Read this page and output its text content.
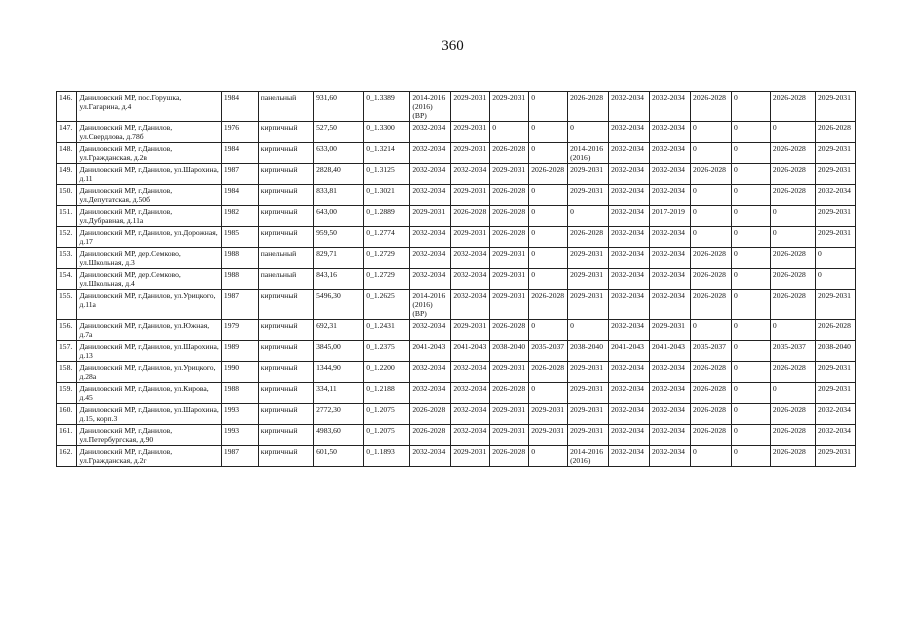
360
146.	Даниловский МР, пос.Горушка, ул.Гагарина, д.4	1984	панельный	931,60	0_1.3389	2014-2016 (2016) (ВР)	2029-2031	2029-2031	0	2026-2028	2032-2034	2032-2034	2026-2028	0	2026-2028	2029-2031
147.	Даниловский МР, г.Данилов, ул.Свердлова, д.78б	1976	кирпичный	527,50	0_1.3300	2032-2034	2029-2031	0	0	0	2032-2034	2032-2034	0	0	0	2026-2028
148.	Даниловский МР, г.Данилов, ул.Гражданская, д.2в	1984	кирпичный	633,00	0_1.3214	2032-2034	2029-2031	2026-2028	0	2014-2016 (2016)	2032-2034	2032-2034	0	0	2026-2028	2029-2031
149.	Даниловский МР, г.Данилов, ул.Шарохина, д.11	1987	кирпичный	2828,40	0_1.3125	2032-2034	2032-2034	2029-2031	2026-2028	2029-2031	2032-2034	2032-2034	2026-2028	0	2026-2028	2029-2031
150.	Даниловский МР, г.Данилов, ул.Депутатская, д.50б	1984	кирпичный	833,81	0_1.3021	2032-2034	2029-2031	2026-2028	0	2029-2031	2032-2034	2032-2034	0	0	2026-2028	2032-2034
151.	Даниловский МР, г.Данилов, ул.Дубравная, д.11а	1982	кирпичный	643,00	0_1.2889	2029-2031	2026-2028	2026-2028	0	0	2032-2034	2017-2019	0	0	0	2029-2031
152.	Даниловский МР, г.Данилов, ул.Дорожная, д.17	1985	кирпичный	959,50	0_1.2774	2032-2034	2029-2031	2026-2028	0	2026-2028	2032-2034	2032-2034	0	0	0	2029-2031
153.	Даниловский МР, дер.Семково, ул.Школьная, д.3	1988	панельный	829,71	0_1.2729	2032-2034	2032-2034	2029-2031	0	2029-2031	2032-2034	2032-2034	2026-2028	0	2026-2028	0
154.	Даниловский МР, дер.Семково, ул.Школьная, д.4	1988	панельный	843,16	0_1.2729	2032-2034	2032-2034	2029-2031	0	2029-2031	2032-2034	2032-2034	2026-2028	0	2026-2028	0
155.	Даниловский МР, г.Данилов, ул.Урицкого, д.11а	1987	кирпичный	5496,30	0_1.2625	2014-2016 (2016) (ВР)	2032-2034	2029-2031	2026-2028	2029-2031	2032-2034	2032-2034	2026-2028	0	2026-2028	2029-2031
156.	Даниловский МР, г.Данилов, ул.Южная, д.7а	1979	кирпичный	692,31	0_1.2431	2032-2034	2029-2031	2026-2028	0	0	2032-2034	2029-2031	0	0	0	2026-2028
157.	Даниловский МР, г.Данилов, ул.Шарохина, д.13	1989	кирпичный	3845,00	0_1.2375	2041-2043	2041-2043	2038-2040	2035-2037	2038-2040	2041-2043	2041-2043	2035-2037	0	2035-2037	2038-2040
158.	Даниловский МР, г.Данилов, ул.Урицкого, д.28а	1990	кирпичный	1344,90	0_1.2200	2032-2034	2032-2034	2029-2031	2026-2028	2029-2031	2032-2034	2032-2034	2026-2028	0	2026-2028	2029-2031
159.	Даниловский МР, г.Данилов, ул.Кирова, д.45	1988	кирпичный	334,11	0_1.2188	2032-2034	2032-2034	2026-2028	0	2029-2031	2032-2034	2032-2034	2026-2028	0	0	2029-2031
160.	Даниловский МР, г.Данилов, ул.Шарохина, д.15, корп.3	1993	кирпичный	2772,30	0_1.2075	2026-2028	2032-2034	2029-2031	2029-2031	2029-2031	2032-2034	2032-2034	2026-2028	0	2026-2028	2032-2034
161.	Даниловский МР, г.Данилов, ул.Петербургская, д.90	1993	кирпичный	4983,60	0_1.2075	2026-2028	2032-2034	2029-2031	2029-2031	2029-2031	2032-2034	2032-2034	2026-2028	0	2026-2028	2032-2034
162.	Даниловский МР, г.Данилов, ул.Гражданская, д.2г	1987	кирпичный	601,50	0_1.1893	2032-2034	2029-2031	2026-2028	0	2014-2016 (2016)	2032-2034	2032-2034	0	0	2026-2028	2029-2031
